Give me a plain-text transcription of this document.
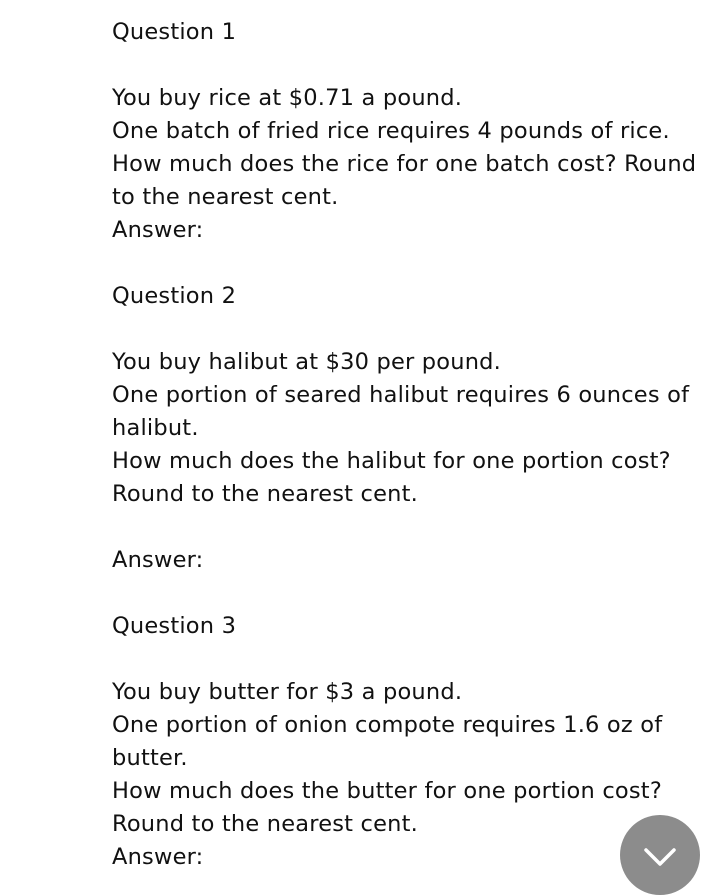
Question 1
You buy rice at $0.71 a pound.
One batch of fried rice requires 4 pounds of rice.
How much does the rice for one batch cost? Round
to the nearest cent.
Answer:
Question 2
You buy halibut at $30 per pound.
One portion of seared halibut requires 6 ounces of
halibut.
How much does the halibut for one portion cost?
Round to the nearest cent.
Answer:
Question 3
You buy butter for $3 a pound.
One portion of onion compote requires 1.6 oz of
butter.
How much does the butter for one portion cost?
Round to the nearest cent.
Answer:
